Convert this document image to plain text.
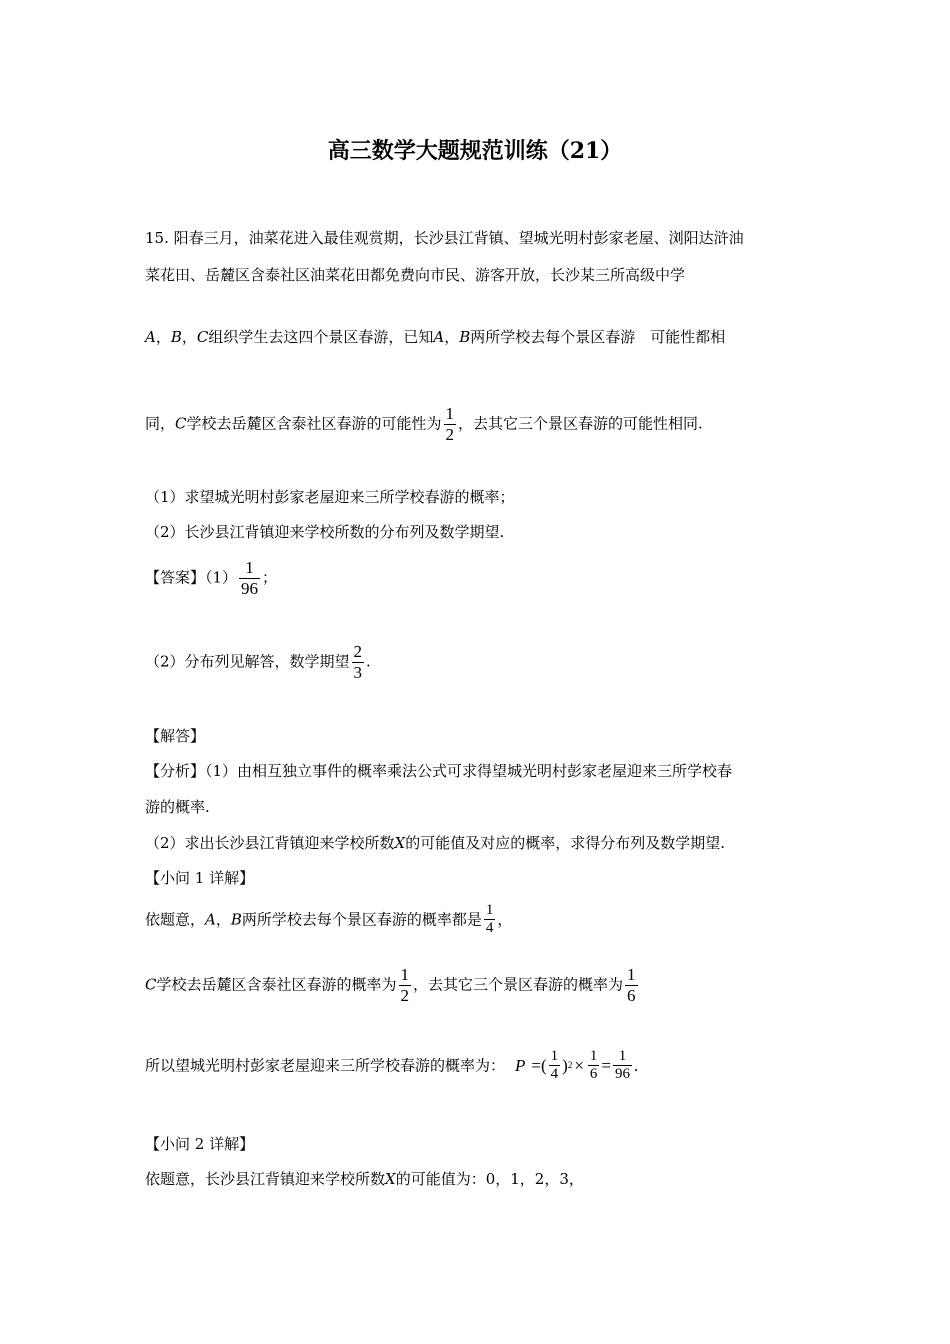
高三数学大题规范训练（21）
15. 阳春三月，油菜花进入最佳观赏期，长沙县江背镇、望城光明村彭家老屋、浏阳达浒油
菜花田、岳麓区含泰社区油菜花田都免费向市民、游客开放，长沙某三所高级中学
A，B，C组织学生去这四个景区春游，已知A，B两所学校去每个景区春游　可能性都相
同，C学校去岳麓区含泰社区春游的可能性为 $\frac{1}{2}$ ，去其它三个景区春游的可能性相同.
（1）求望城光明村彭家老屋迎来三所学校春游的概率；
（2）长沙县江背镇迎来学校所数的分布列及数学期望.
【答案】$(1) \frac{1}{96}$ ；
（2）分布列见解答，数学期望 $\frac{2}{3}$ .
【解答】
【分析】（1）由相互独立事件的概率乘法公式可求得望城光明村彭家老屋迎来三所学校春
游的概率.
（2）求出长沙县江背镇迎来学校所数X的可能值及对应的概率，求得分布列及数学期望.
【小问 1 详解】
依题意，A，B两所学校去每个景区春游的概率都是 $\frac{1}{4}$ ，
C学校去岳麓区含泰社区春游的概率为 $\frac{1}{2}$ ，去其它三个景区春游的概率为 $\frac{1}{6}$
所以望城光明村彭家老屋迎来三所学校春游的概率为： P =( $\frac{1}{4}$ ) $2 \times \frac{1}{6} = \frac{1}{96}$ .
【小问 2 详解】
依题意，长沙县江背镇迎来学校所数X的可能值为：0，1，2，3，
